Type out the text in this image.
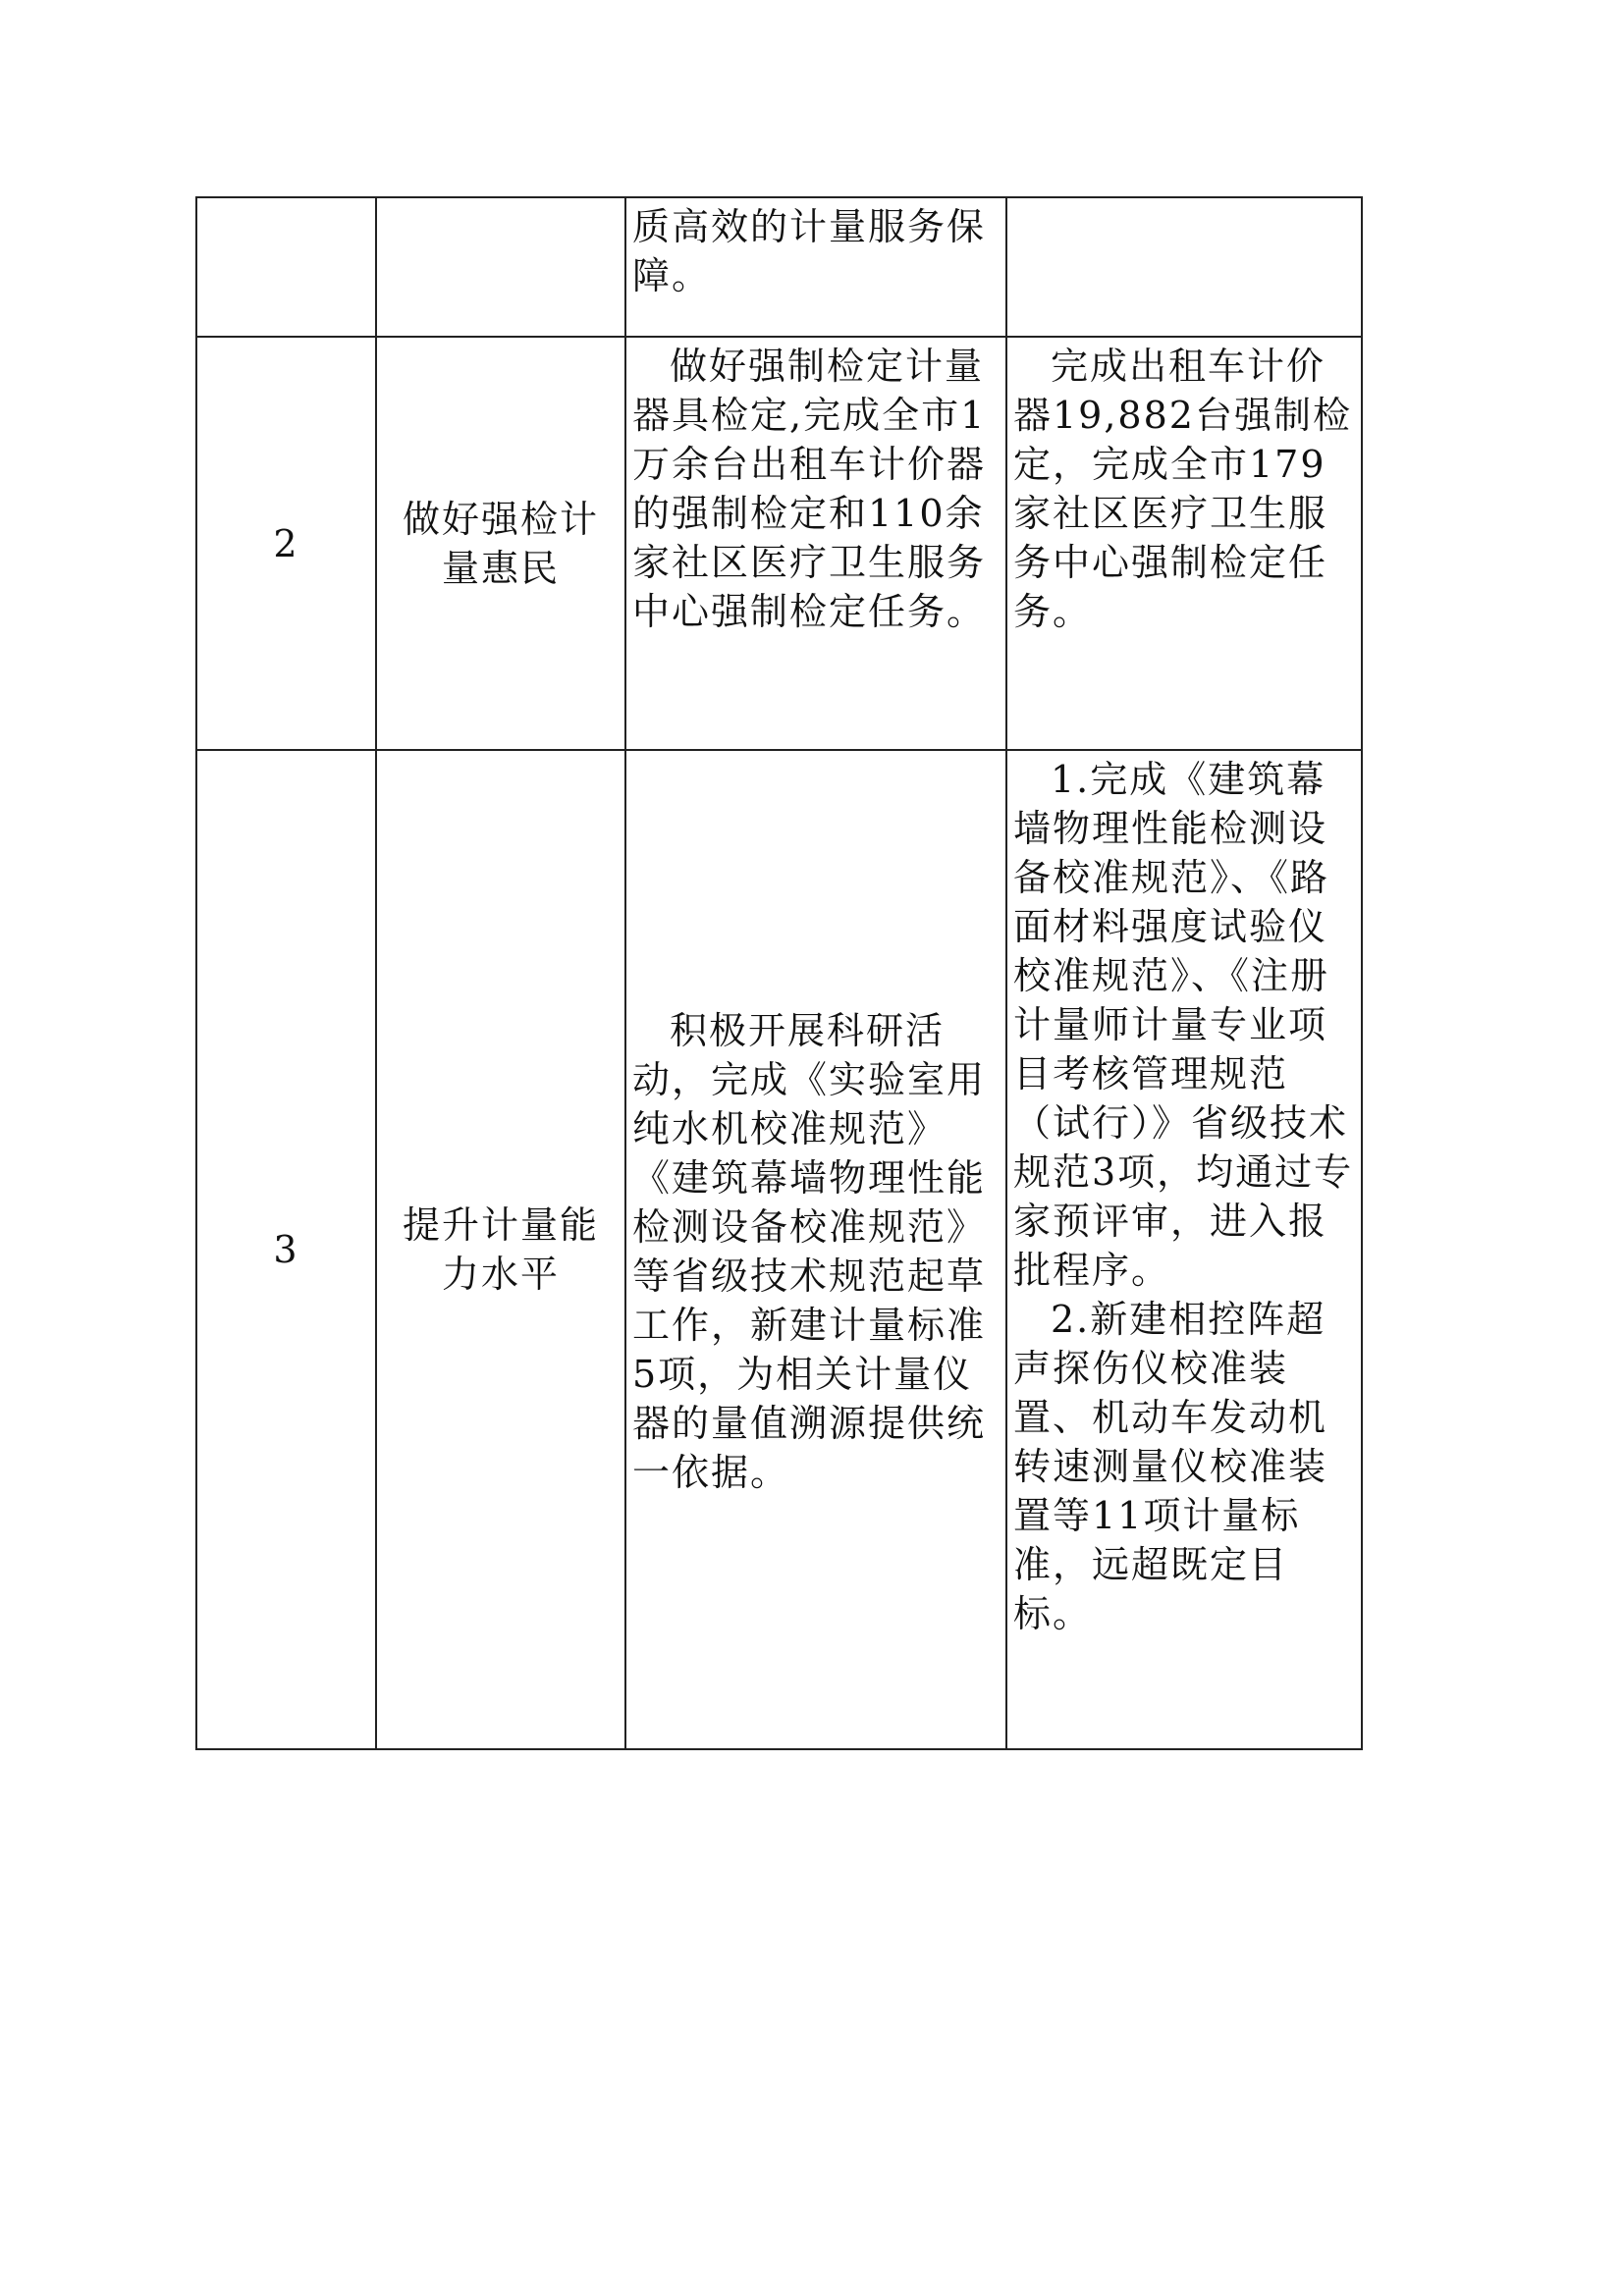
		质高效的计量服务保障。	

2	做好强检计量惠民	做好强制检定计量器具检定,完成全市1万余台出租车计价器的强制检定和110余家社区医疗卫生服务中心强制检定任务。	完成出租车计价器19,882台强制检定，完成全市179家社区医疗卫生服务中心强制检定任务。

3	提升计量能力水平	积极开展科研活动，完成《实验室用纯水机校准规范》《建筑幕墙物理性能检测设备校准规范》等省级技术规范起草工作，新建计量标准5项，为相关计量仪器的量值溯源提供统一依据。	1.完成《建筑幕墙物理性能检测设备校准规范》、《路面材料强度试验仪校准规范》、《注册计量师计量专业项目考核管理规范（试行）》省级技术规范3项，均通过专家预评审，进入报批程序。

2.新建相控阵超声探伤仪校准装置、机动车发动机转速测量仪校准装置等11项计量标准，远超既定目标。
